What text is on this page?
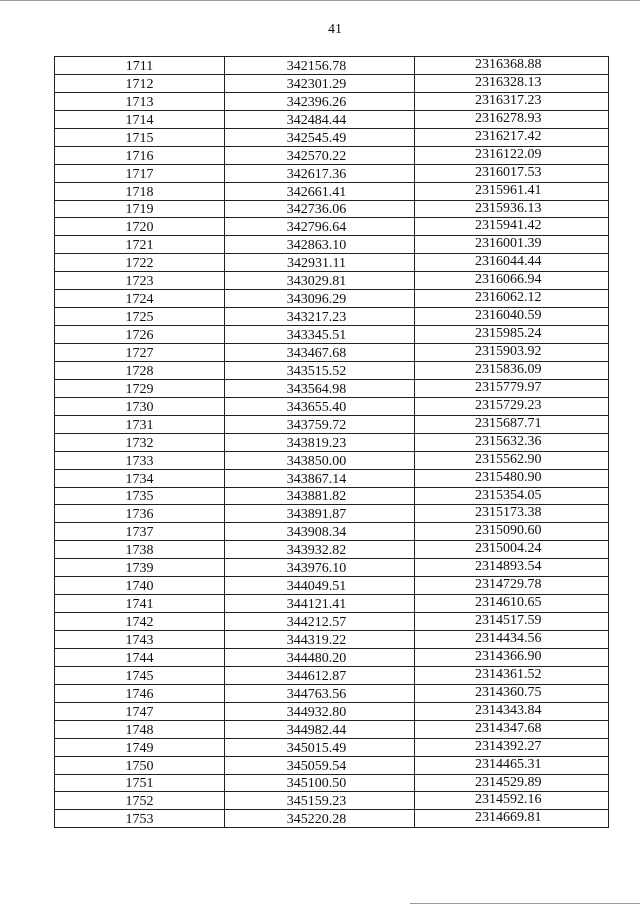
41
1711	342156.78	2316368.88
1712	342301.29	2316328.13
1713	342396.26	2316317.23
1714	342484.44	2316278.93
1715	342545.49	2316217.42
1716	342570.22	2316122.09
1717	342617.36	2316017.53
1718	342661.41	2315961.41
1719	342736.06	2315936.13
1720	342796.64	2315941.42
1721	342863.10	2316001.39
1722	342931.11	2316044.44
1723	343029.81	2316066.94
1724	343096.29	2316062.12
1725	343217.23	2316040.59
1726	343345.51	2315985.24
1727	343467.68	2315903.92
1728	343515.52	2315836.09
1729	343564.98	2315779.97
1730	343655.40	2315729.23
1731	343759.72	2315687.71
1732	343819.23	2315632.36
1733	343850.00	2315562.90
1734	343867.14	2315480.90
1735	343881.82	2315354.05
1736	343891.87	2315173.38
1737	343908.34	2315090.60
1738	343932.82	2315004.24
1739	343976.10	2314893.54
1740	344049.51	2314729.78
1741	344121.41	2314610.65
1742	344212.57	2314517.59
1743	344319.22	2314434.56
1744	344480.20	2314366.90
1745	344612.87	2314361.52
1746	344763.56	2314360.75
1747	344932.80	2314343.84
1748	344982.44	2314347.68
1749	345015.49	2314392.27
1750	345059.54	2314465.31
1751	345100.50	2314529.89
1752	345159.23	2314592.16
1753	345220.28	2314669.81
